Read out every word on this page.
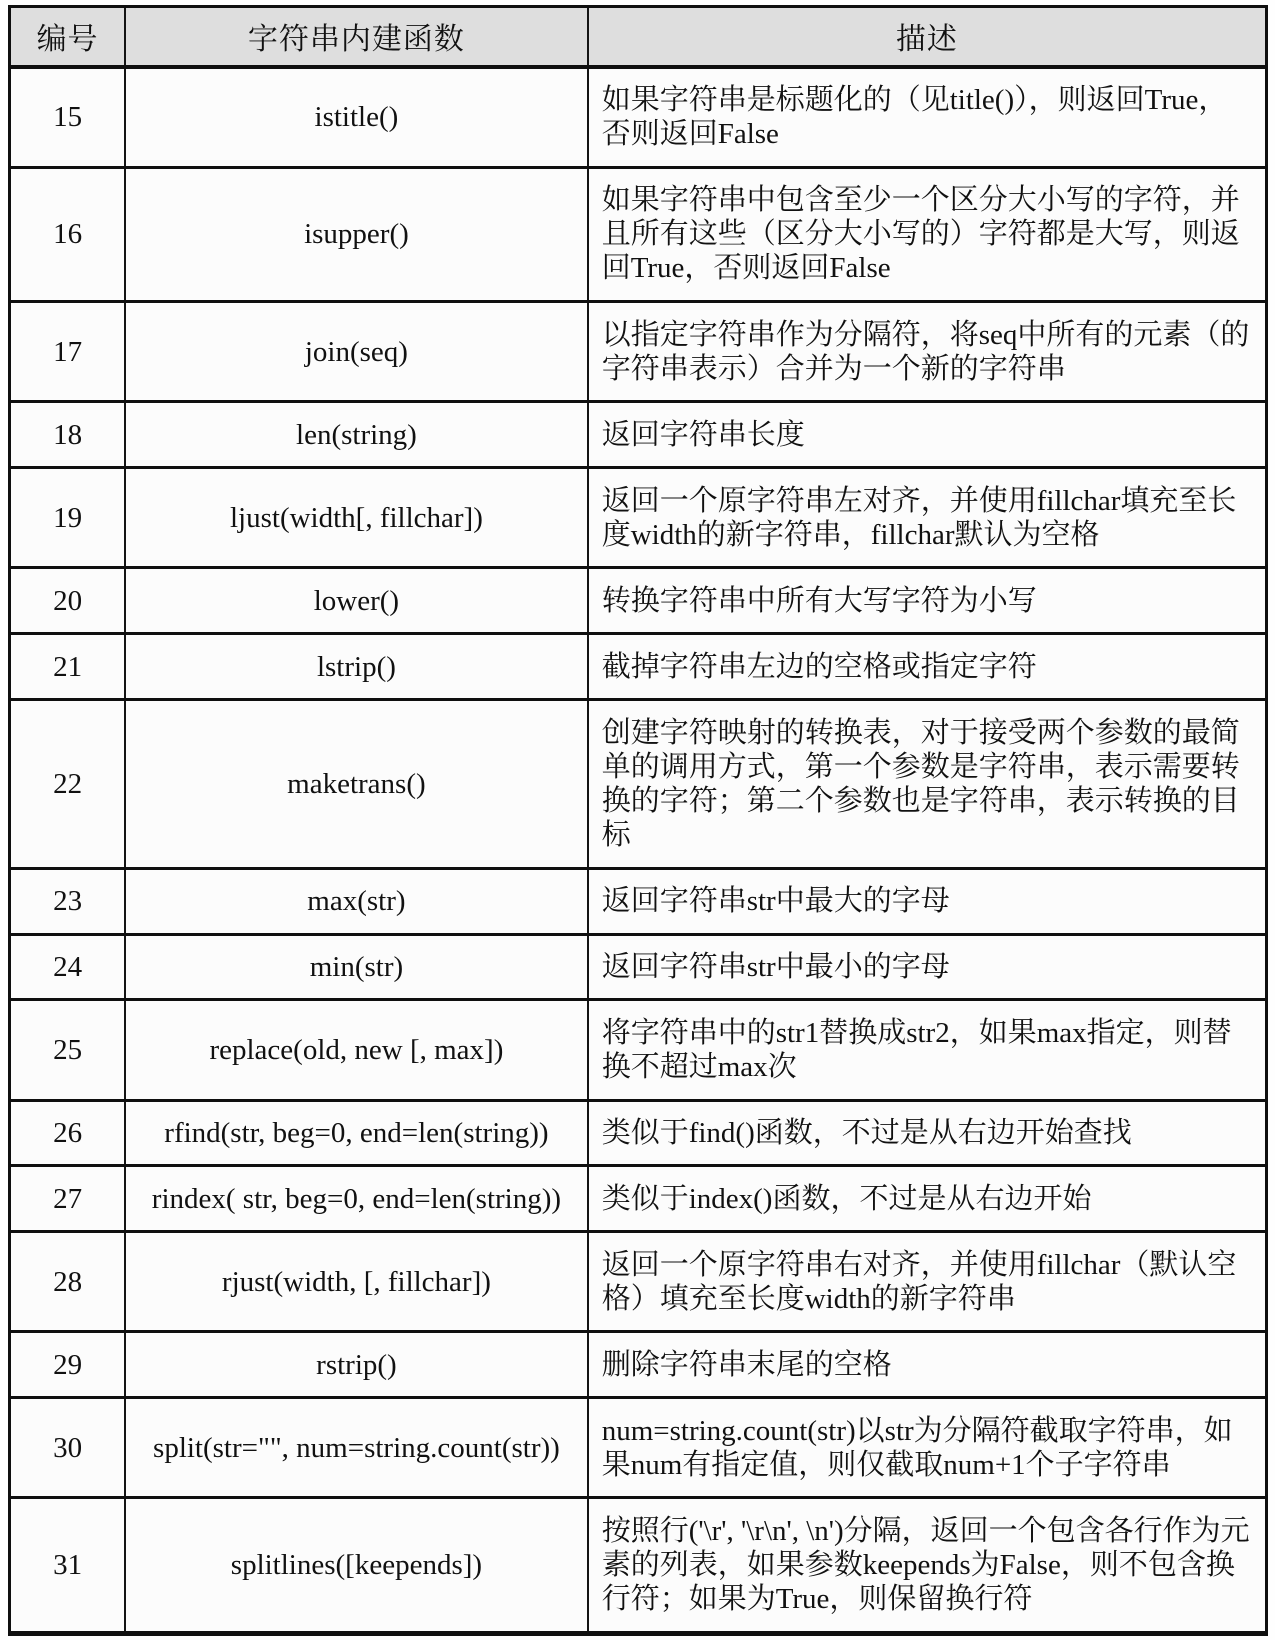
编号	字符串内建函数	描述
15	istitle()	如果字符串是标题化的（见title()），则返回True，否则返回False
16	isupper()	如果字符串中包含至少一个区分大小写的字符，并且所有这些（区分大小写的）字符都是大写，则返回True，否则返回False
17	join(seq)	以指定字符串作为分隔符，将seq中所有的元素（的字符串表示）合并为一个新的字符串
18	len(string)	返回字符串长度
19	ljust(width[, fillchar])	返回一个原字符串左对齐，并使用fillchar填充至长度width的新字符串，fillchar默认为空格
20	lower()	转换字符串中所有大写字符为小写
21	lstrip()	截掉字符串左边的空格或指定字符
22	maketrans()	创建字符映射的转换表，对于接受两个参数的最简单的调用方式，第一个参数是字符串，表示需要转换的字符；第二个参数也是字符串，表示转换的目标
23	max(str)	返回字符串str中最大的字母
24	min(str)	返回字符串str中最小的字母
25	replace(old, new [, max])	将字符串中的str1替换成str2，如果max指定，则替换不超过max次
26	rfind(str, beg=0, end=len(string))	类似于find()函数，不过是从右边开始查找
27	rindex( str, beg=0, end=len(string))	类似于index()函数，不过是从右边开始
28	rjust(width, [, fillchar])	返回一个原字符串右对齐，并使用fillchar（默认空格）填充至长度width的新字符串
29	rstrip()	删除字符串末尾的空格
30	split(str="", num=string.count(str))	num=string.count(str)以str为分隔符截取字符串，如果num有指定值，则仅截取num+1个子字符串
31	splitlines([keepends])	按照行('\r', '\r\n', \n')分隔，返回一个包含各行作为元素的列表，如果参数keepends为False，则不包含换行符；如果为True，则保留换行符
